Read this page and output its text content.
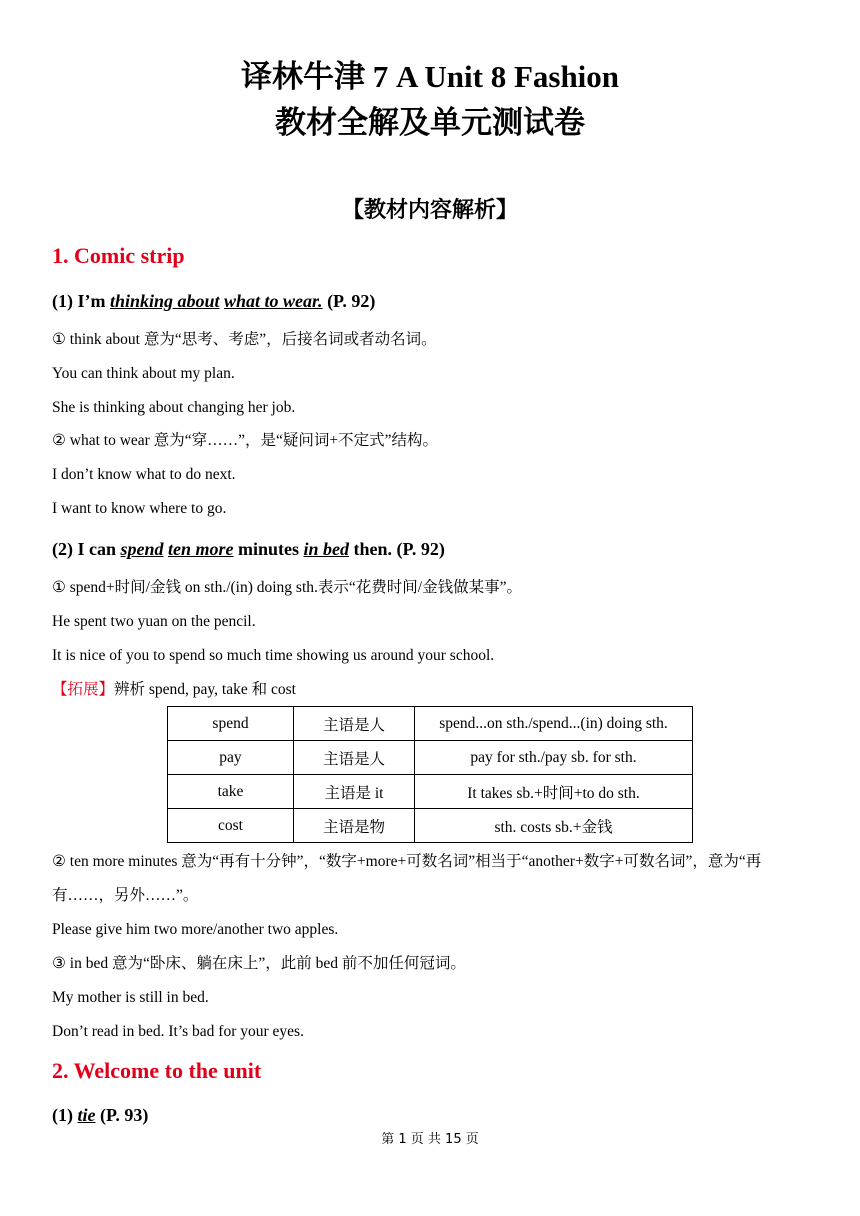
译林牛津 7 A Unit 8 Fashion
教材全解及单元测试卷
【教材内容解析】
1. Comic strip
(1) I’m thinking about what to wear. (P. 92)
① think about 意为“思考、考虑”，后接名词或者动名词。
You can think about my plan.
She is thinking about changing her job.
② what to wear 意为“穿……”，是“疑问词+不定式”结构。
I don’t know what to do next.
I want to know where to go.
(2) I can spend ten more minutes in bed then. (P. 92)
① spend+时间/金钱 on sth./(in) doing sth.表示“花费时间/金钱做某事”。
He spent two yuan on the pencil.
It is nice of you to spend so much time showing us around your school.
【拓展】辨析 spend, pay, take 和 cost
spend	主语是人	spend...on sth./spend...(in) doing sth.
pay	主语是人	pay for sth./pay sb. for sth.
take	主语是 it	It takes sb.+时间+to do sth.
cost	主语是物	sth. costs sb.+金钱
② ten more minutes 意为“再有十分钟”，“数字+more+可数名词”相当于“another+数字+可数名词”，意为“再有……，另外……”。
Please give him two more/another two apples.
③ in bed 意为“卧床、躺在床上”，此前 bed 前不加任何冠词。
My mother is still in bed.
Don’t read in bed. It’s bad for your eyes.
2. Welcome to the unit
(1) tie (P. 93)
第 1 页 共 15 页
